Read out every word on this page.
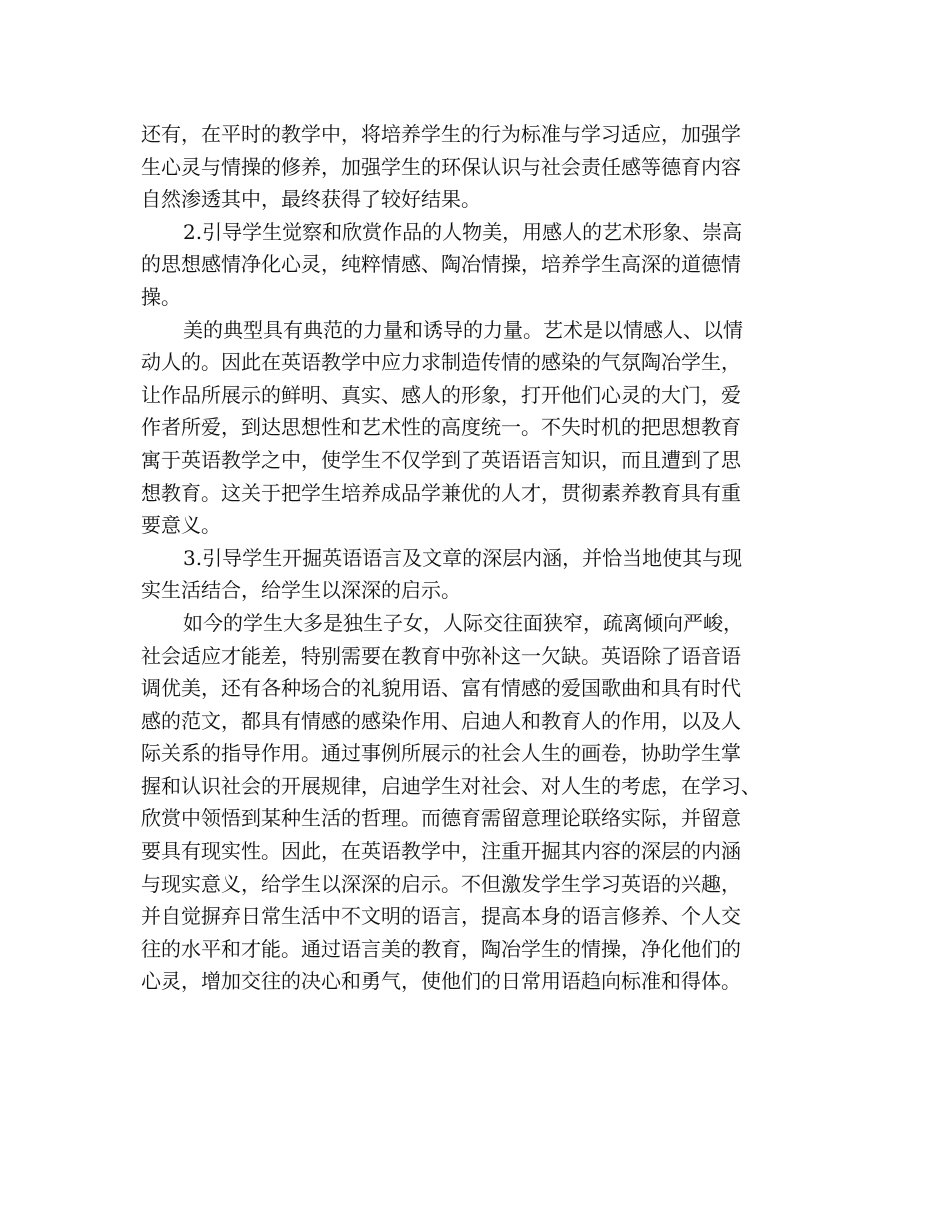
还有，在平时的教学中，将培养学生的行为标准与学习适应，加强学
生心灵与情操的修养，加强学生的环保认识与社会责任感等德育内容
自然渗透其中，最终获得了较好结果。
2.引导学生觉察和欣赏作品的人物美，用感人的艺术形象、崇高
的思想感情净化心灵，纯粹情感、陶冶情操，培养学生高深的道德情
操。
美的典型具有典范的力量和诱导的力量。艺术是以情感人、以情
动人的。因此在英语教学中应力求制造传情的感染的气氛陶冶学生，
让作品所展示的鲜明、真实、感人的形象，打开他们心灵的大门，爱
作者所爱，到达思想性和艺术性的高度统一。不失时机的把思想教育
寓于英语教学之中，使学生不仅学到了英语语言知识，而且遭到了思
想教育。这关于把学生培养成品学兼优的人才，贯彻素养教育具有重
要意义。
3.引导学生开掘英语语言及文章的深层内涵，并恰当地使其与现
实生活结合，给学生以深深的启示。
如今的学生大多是独生子女，人际交往面狭窄，疏离倾向严峻，
社会适应才能差，特别需要在教育中弥补这一欠缺。英语除了语音语
调优美，还有各种场合的礼貌用语、富有情感的爱国歌曲和具有时代
感的范文，都具有情感的感染作用、启迪人和教育人的作用，以及人
际关系的指导作用。通过事例所展示的社会人生的画卷，协助学生掌
握和认识社会的开展规律，启迪学生对社会、对人生的考虑，在学习、
欣赏中领悟到某种生活的哲理。而德育需留意理论联络实际，并留意
要具有现实性。因此，在英语教学中，注重开掘其内容的深层的内涵
与现实意义，给学生以深深的启示。不但激发学生学习英语的兴趣，
并自觉摒弃日常生活中不文明的语言，提高本身的语言修养、个人交
往的水平和才能。通过语言美的教育，陶冶学生的情操，净化他们的
心灵，增加交往的决心和勇气，使他们的日常用语趋向标准和得体。
